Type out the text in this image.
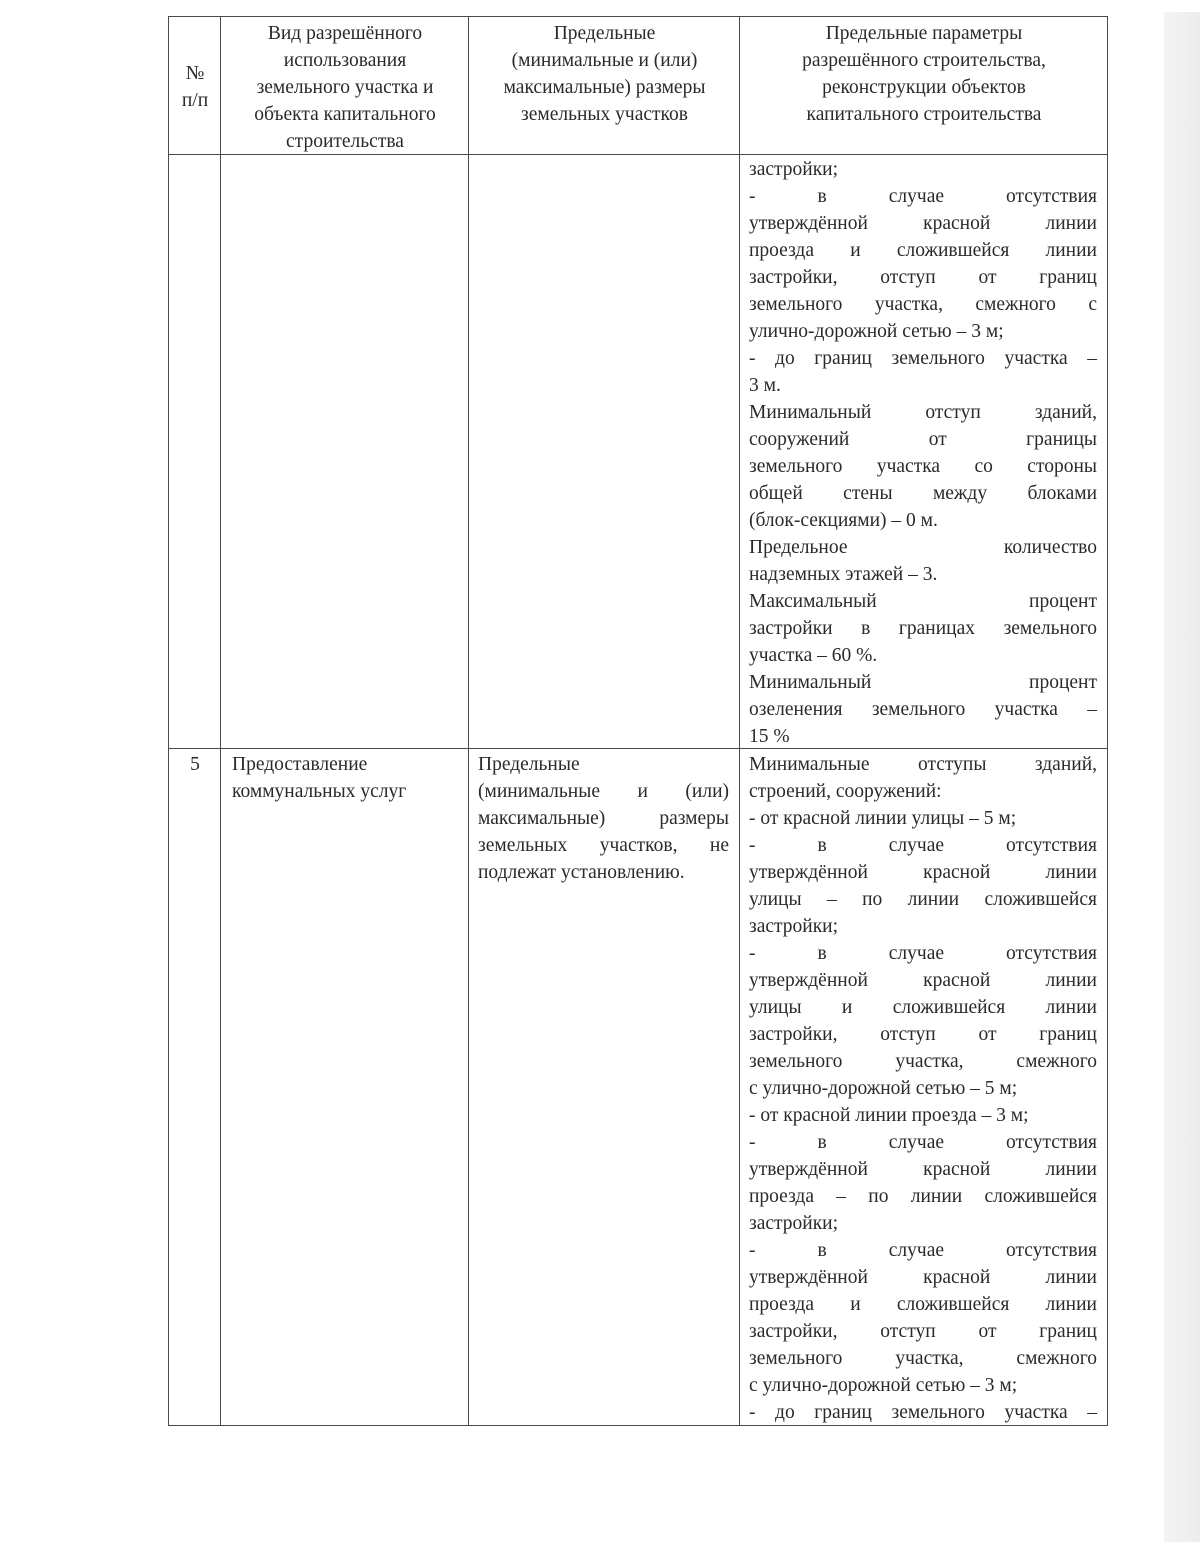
№
п/п
Вид разрешённого
использования
земельного участка и
объекта капитального
строительства
Предельные
(минимальные и (или)
максимальные) размеры
земельных участков
Предельные параметры
разрешённого строительства,
реконструкции объектов
капитального строительства
застройки;
- в случае отсутствия
утверждённой красной линии
проезда и сложившейся линии
застройки, отступ от границ
земельного участка, смежного с
улично-дорожной сетью – 3 м;
- до границ земельного участка –
3 м.
Минимальный отступ зданий,
сооружений от границы
земельного участка со стороны
общей стены между блоками
(блок-секциями) – 0 м.
Предельное количество
надземных этажей – 3.
Максимальный процент
застройки в границах земельного
участка – 60 %.
Минимальный процент
озеленения земельного участка –
15 %
5	Предоставление
коммунальных услуг
Предельные
(минимальные и (или)
максимальные) размеры
земельных участков, не
подлежат установлению.
Минимальные отступы зданий,
строений, сооружений:
- от красной линии улицы – 5 м;
- в случае отсутствия
утверждённой красной линии
улицы – по линии сложившейся
застройки;
- в случае отсутствия
утверждённой красной линии
улицы и сложившейся линии
застройки, отступ от границ
земельного участка, смежного
с улично-дорожной сетью – 5 м;
- от красной линии проезда – 3 м;
- в случае отсутствия
утверждённой красной линии
проезда – по линии сложившейся
застройки;
- в случае отсутствия
утверждённой красной линии
проезда и сложившейся линии
застройки, отступ от границ
земельного участка, смежного
с улично-дорожной сетью – 3 м;
- до границ земельного участка –
